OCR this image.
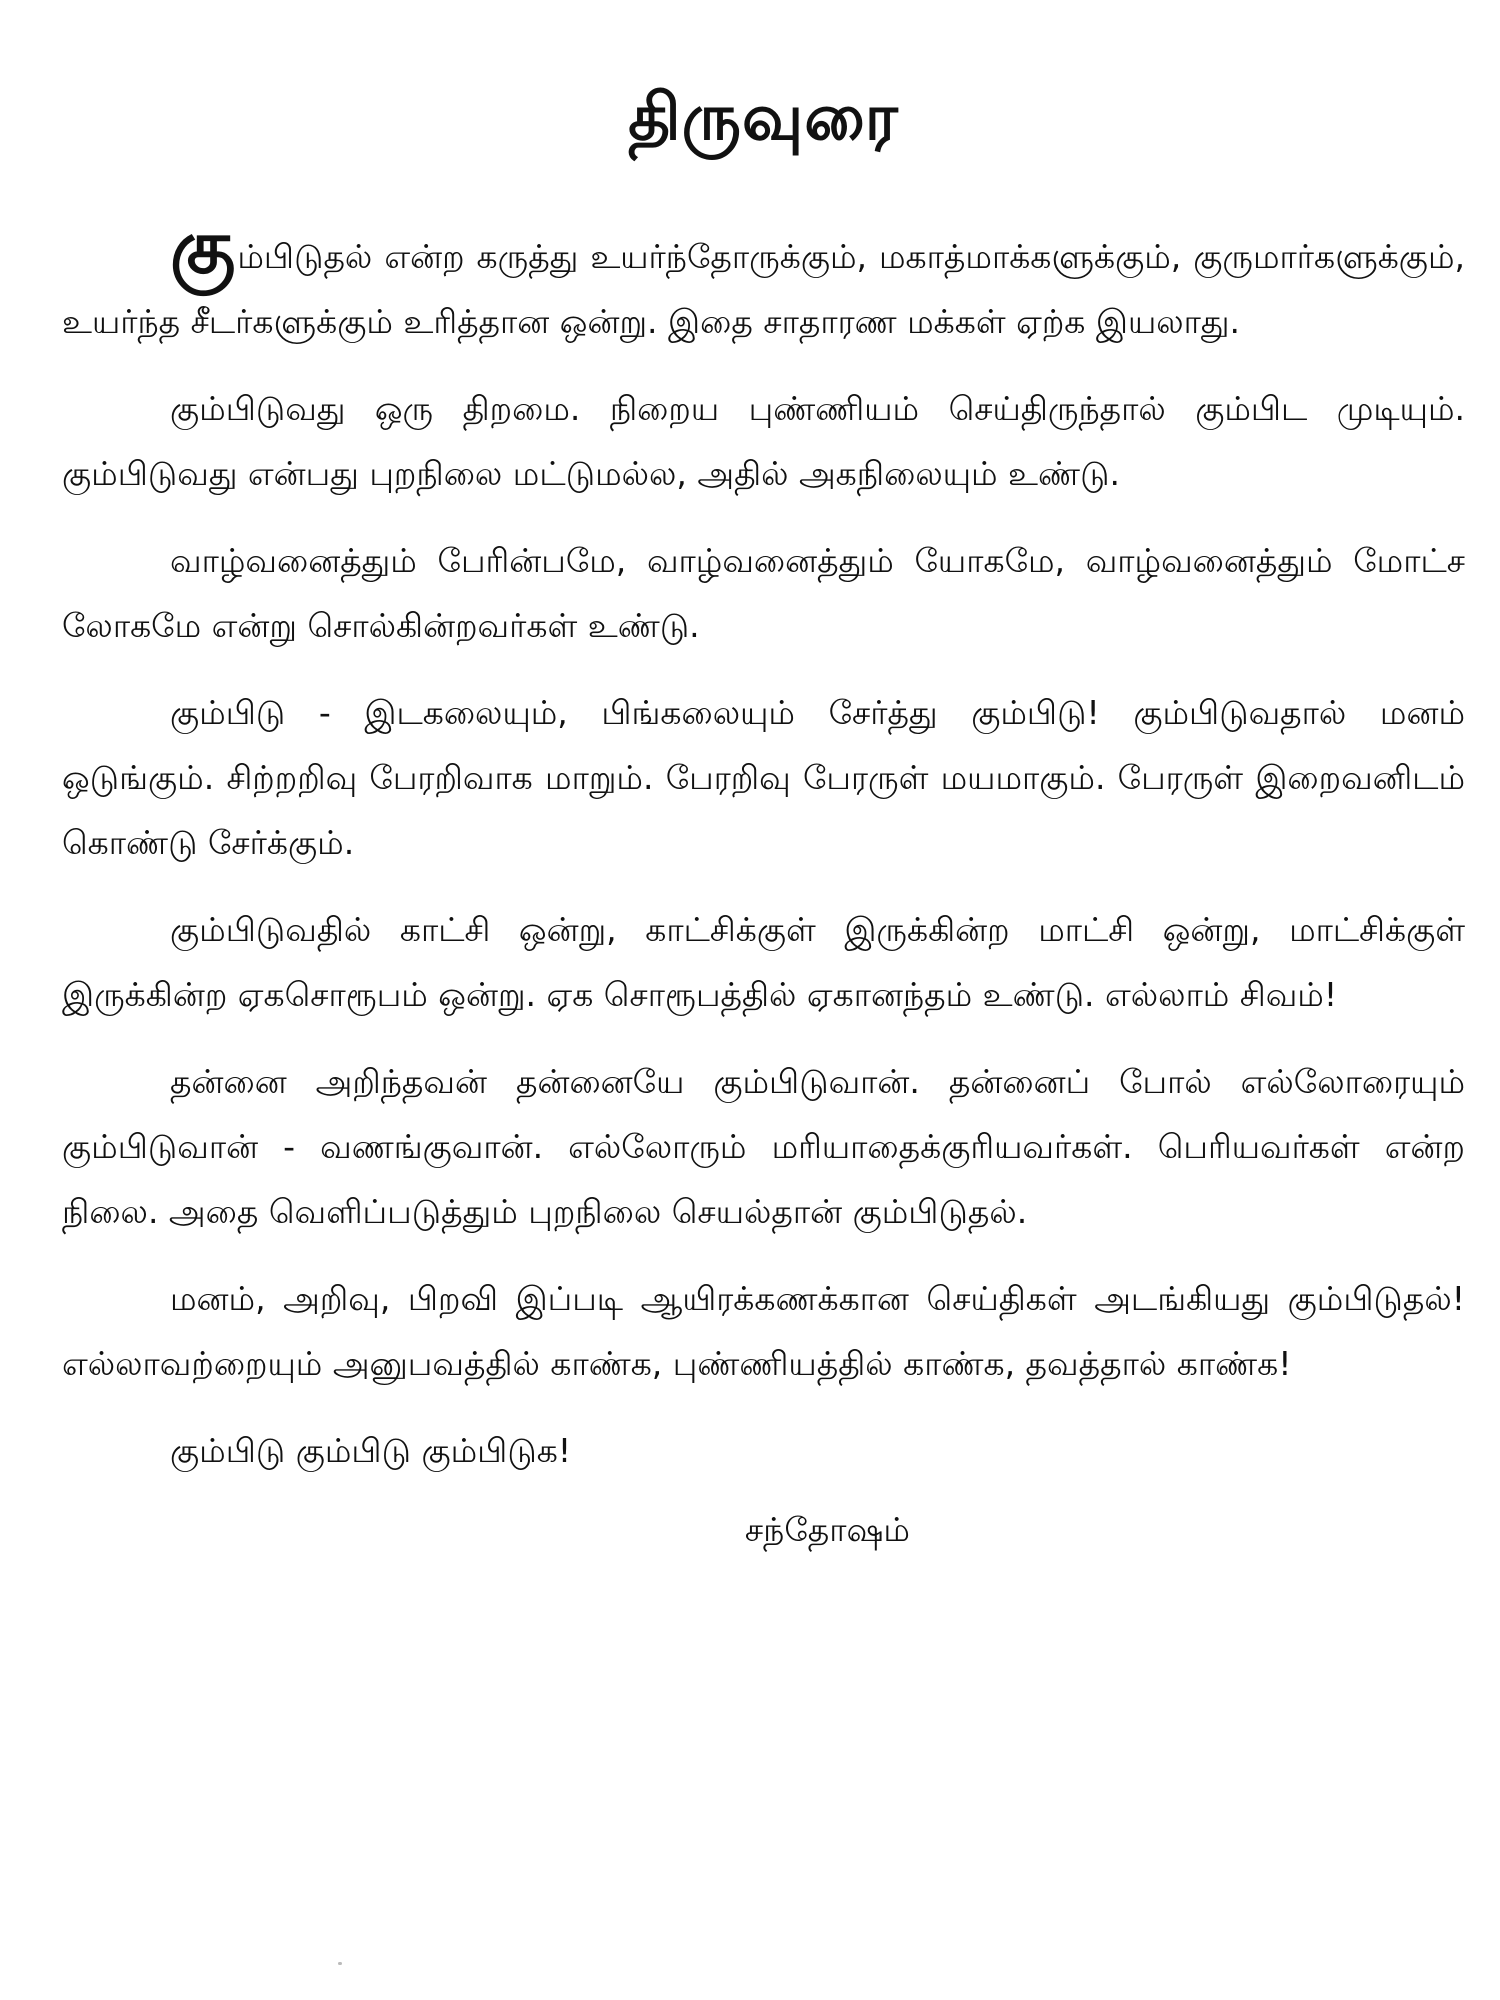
திருவுரை

கும்பிடுதல் என்ற கருத்து உயர்ந்தோருக்கும், மகாத்மாக்களுக்கும், குருமார்களுக்கும், உயர்ந்த சீடர்களுக்கும் உரித்தான ஒன்று. இதை சாதாரண மக்கள் ஏற்க இயலாது.

கும்பிடுவது ஒரு திறமை. நிறைய புண்ணியம் செய்திருந்தால் கும்பிட முடியும். கும்பிடுவது என்பது புறநிலை மட்டுமல்ல, அதில் அகநிலையும் உண்டு.

வாழ்வனைத்தும் பேரின்பமே, வாழ்வனைத்தும் யோகமே, வாழ்வனைத்தும் மோட்ச லோகமே என்று சொல்கின்றவர்கள் உண்டு.

கும்பிடு - இடகலையும், பிங்கலையும் சேர்த்து கும்பிடு! கும்பிடுவதால் மனம் ஒடுங்கும். சிற்றறிவு பேரறிவாக மாறும். பேரறிவு பேரருள் மயமாகும். பேரருள் இறைவனிடம் கொண்டு சேர்க்கும்.

கும்பிடுவதில் காட்சி ஒன்று, காட்சிக்குள் இருக்கின்ற மாட்சி ஒன்று, மாட்சிக்குள் இருக்கின்ற ஏகசொரூபம் ஒன்று. ஏக சொரூபத்தில் ஏகானந்தம் உண்டு. எல்லாம் சிவம்!

தன்னை அறிந்தவன் தன்னையே கும்பிடுவான். தன்னைப் போல் எல்லோரையும் கும்பிடுவான் - வணங்குவான். எல்லோரும் மரியாதைக்குரியவர்கள். பெரியவர்கள் என்ற நிலை. அதை வெளிப்படுத்தும் புறநிலை செயல்தான் கும்பிடுதல்.

மனம், அறிவு, பிறவி இப்படி ஆயிரக்கணக்கான செய்திகள் அடங்கியது கும்பிடுதல்! எல்லாவற்றையும் அனுபவத்தில் காண்க, புண்ணியத்தில் காண்க, தவத்தால் காண்க!

கும்பிடு கும்பிடு கும்பிடுக!

சந்தோஷம்
